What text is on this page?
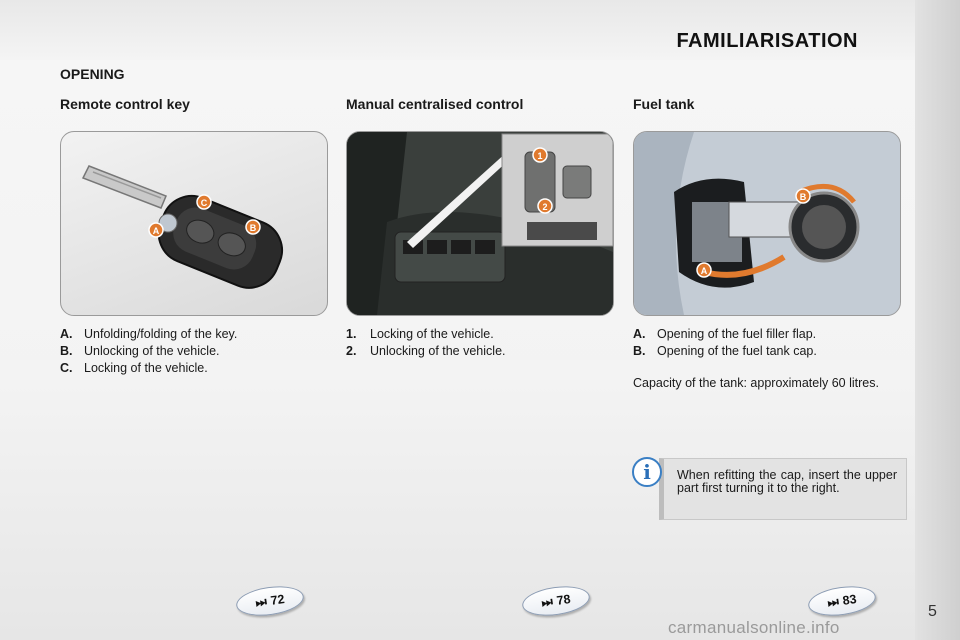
FAMILIARISATION
OPENING
Remote control key
C
B
A
A. Unfolding/folding of the key.
B. Unlocking of the vehicle.
C. Locking of the vehicle.
Manual centralised control
1
2
1.	Locking of the vehicle.
2.	Unlocking of the vehicle.
Fuel tank
A
B
A. Opening of the fuel filler flap.
B. Opening of the fuel tank cap.
Capacity of the tank: approximately 60 litres.
When refitting the cap, insert the upper part first turning it to the right.
i
⏭ 72	⏭ 78	⏭ 83
5
carmanualsonline.info
